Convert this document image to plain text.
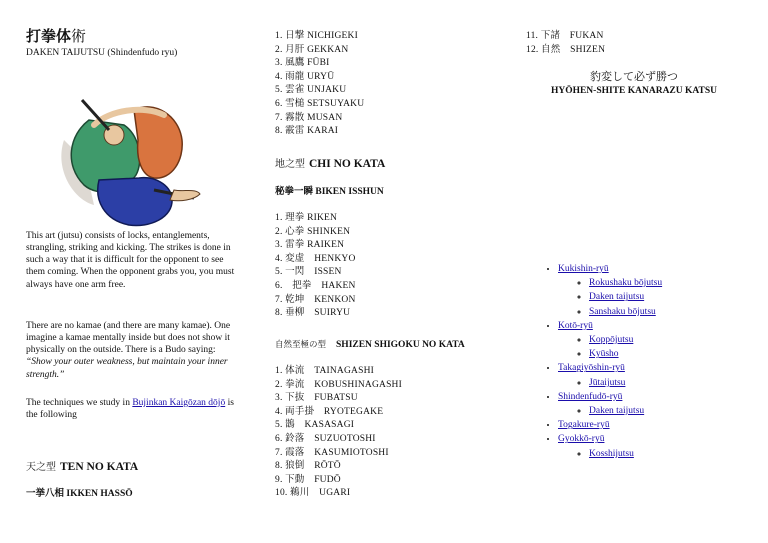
打拳体術
DAKEN TAIJUTSU (Shindenfudo ryu)

This art (jutsu) consists of locks, entanglements, strangling, striking and kicking. The strikes is done in such a way that it is difficult for the opponent to see them coming. When the opponent grabs you, you must always have one arm free.

There are no kamae (and there are many kamae). One imagine a kamae mentally inside but does not show it physically on the outside. There is a Budo saying: “Show your outer weakness, but maintain your inner strength.”

The techniques we study in Bujinkan Kaigōzan dōjō is the following

天之型 TEN NO KATA
一挙八相 IKKEN HASSŌ
1. 日撃 NICHIGEKI
2. 月肝 GEKKAN
3. 風鷹 FŪBI
4. 雨龍 URYŪ
5. 雲雀 UNJAKU
6. 雪槌 SETSUYAKU
7. 霧散 MUSAN
8. 霰雷 KARAI
地之型 CHI NO KATA
秘拳一瞬 BIKEN ISSHUN
1. 理拳 RIKEN
2. 心拳 SHINKEN
3. 雷拳 RAIKEN
4. 変虚　HENKYO
5. 一閃　ISSEN
6.　把拳　HAKEN
7. 乾坤　KENKON
8. 垂柳　SUIRYU
自然至極の型 SHIZEN SHIGOKU NO KATA
1. 体流　TAINAGASHI
2. 拳流　KOBUSHINAGASHI
3. 下抜　FUBATSU
4. 両手掛　RYOTEGAKE
5. 鵲　KASASAGI
6. 鈴落　SUZUOTOSHI
7. 霞落　KASUMIOTOSHI
8. 狼倒　RŌTŌ
9. 下動　FUDŌ
10. 鵜川　UGARI
11. 下諸　FUKAN
12. 自然　SHIZEN
豹変して必ず勝つ
HYŌHEN-SHITE KANARAZU KATSU
• Kukishin-ryū
◦ Rokushaku bōjutsu
◦ Daken taijutsu
◦ Sanshaku bōjutsu
• Kotō-ryū
◦ Koppōjutsu
◦ Kyūsho
• Takagiyōshin-ryū
◦ Jūtaijutsu
• Shindenfudō-ryū
◦ Daken taijutsu
• Togakure-ryū
• Gyokkō-ryū
◦ Kosshijutsu
